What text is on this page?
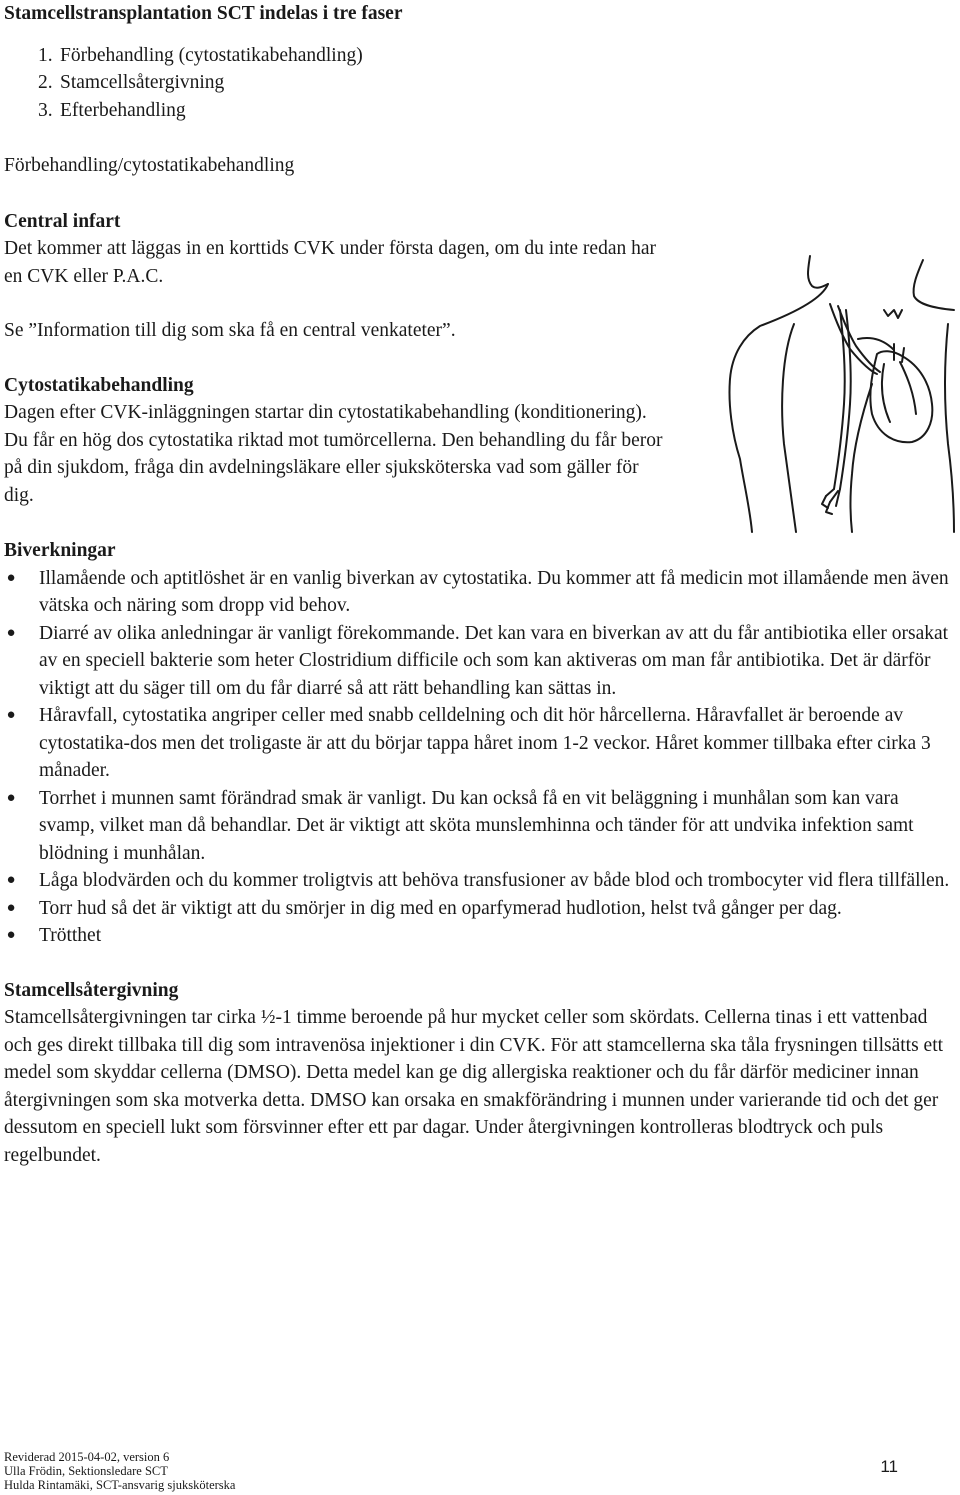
Stamcellstransplantation SCT indelas i tre faser

1. Förbehandling (cytostatikabehandling)
2. Stamcellsåtergivning
3. Efterbehandling

Förbehandling/cytostatikabehandling

Central infart

Det kommer att läggas in en korttids CVK under första dagen, om du inte redan har en CVK eller P.A.C.

Se ”Information till dig som ska få en central venkateter”.

Cytostatikabehandling

Dagen efter CVK-inläggningen startar din cytostatikabehandling (konditionering). Du får en hög dos cytostatika riktad mot tumörcellerna. Den behandling du får beror på din sjukdom, fråga din avdelningsläkare eller sjuksköterska vad som gäller för dig.

Biverkningar

● Illamående och aptitlöshet är en vanlig biverkan av cytostatika. Du kommer att få medicin mot illamående men även vätska och näring som dropp vid behov.
● Diarré av olika anledningar är vanligt förekommande. Det kan vara en biverkan av att du får antibiotika eller orsakat av en speciell bakterie som heter Clostridium difficile och som kan aktiveras om man får antibiotika. Det är därför viktigt att du säger till om du får diarré så att rätt behandling kan sättas in.
● Håravfall, cytostatika angriper celler med snabb celldelning och dit hör hårcellerna. Håravfallet är beroende av cytostatika-dos men det troligaste är att du börjar tappa håret inom 1-2 veckor. Håret kommer tillbaka efter cirka 3 månader.
● Torrhet i munnen samt förändrad smak är vanligt. Du kan också få en vit beläggning i munhålan som kan vara svamp, vilket man då behandlar. Det är viktigt att sköta munslemhinna och tänder för att undvika infektion samt blödning i munhålan.
● Låga blodvärden och du kommer troligtvis att behöva transfusioner av både blod och trombocyter vid flera tillfällen.
● Torr hud så det är viktigt att du smörjer in dig med en oparfymerad hudlotion, helst två gånger per dag.
● Trötthet

Stamcellsåtergivning

Stamcellsåtergivningen tar cirka ½-1 timme beroende på hur mycket celler som skördats. Cellerna tinas i ett vattenbad och ges direkt tillbaka till dig som intravenösa injektioner i din CVK. För att stamcellerna ska tåla frysningen tillsätts ett medel som skyddar cellerna (DMSO). Detta medel kan ge dig allergiska reaktioner och du får därför mediciner innan återgivningen som ska motverka detta. DMSO kan orsaka en smakförändring i munnen under varierande tid och det ger dessutom en speciell lukt som försvinner efter ett par dagar. Under återgivningen kontrolleras blodtryck och puls regelbundet.

Reviderad 2015-04-02, version 6
Ulla Frödin, Sektionsledare SCT
Hulda Rintamäki, SCT-ansvarig sjuksköterska
11
